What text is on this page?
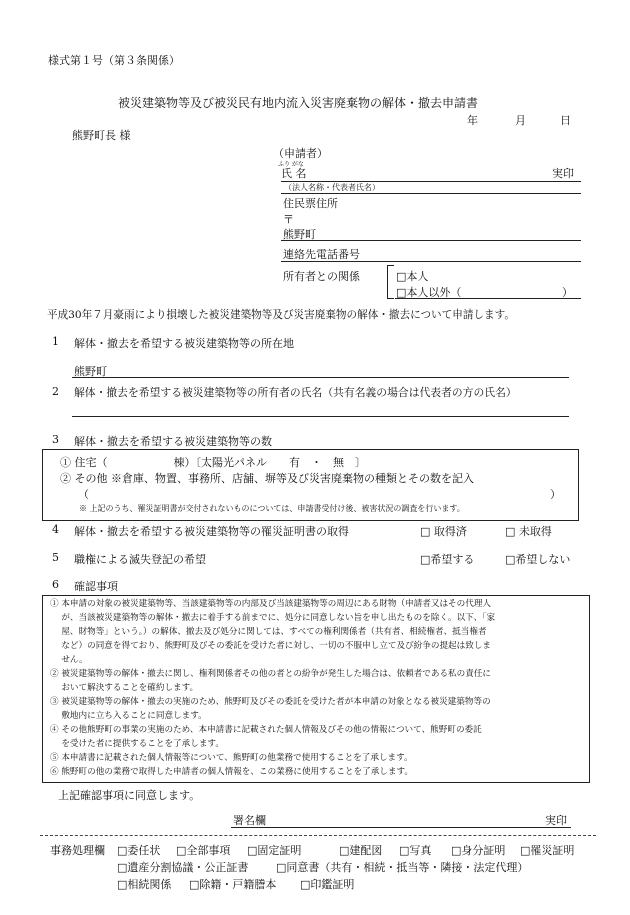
様式第１号（第３条関係）
被災建築物等及び被災民有地内流入災害廃棄物の解体・撤去申請書
年	月	日
熊野町長 様
（申請者）
ふり がな
氏 名	実印
（法人名称・代表者氏名）
住民票住所
〒
熊野町
連絡先電話番号
所有者との関係	□本人
□本人以外（	）
平成30年７月豪雨により損壊した被災建築物等及び災害廃棄物の解体・撤去について申請します。
1 解体・撤去を希望する被災建築物等の所在地
熊野町
2 解体・撤去を希望する被災建築物等の所有者の氏名（共有名義の場合は代表者の方の氏名）
3 解体・撤去を希望する被災建築物等の数
① 住宅（　　　　　　棟）〔太陽光パネル　　有　・　無　〕
② その他 ※倉庫、物置、事務所、店舗、塀等及び災害廃棄物の種類とその数を記入
（	）
※ 上記のうち、罹災証明書が交付されないものについては、申請書受付け後、被害状況の調査を行います。
4 解体・撤去を希望する被災建築物等の罹災証明書の取得	□ 取得済	□ 未取得
5 職権による滅失登記の希望	□希望する	□希望しない
6 確認事項
① 本申請の対象の被災建築物等、当該建築物等の内部及び当該建築物等の周辺にある財物（申請者又はその代理人
　 が、当該被災建築物等の解体・撤去に着手する前までに、処分に同意しない旨を申し出たものを除く。以下、「家
　 屋、財物等」という。）の解体、撤去及び処分に関しては、すべての権利関係者（共有者、相続権者、抵当権者
　 など）の同意を得ており、熊野町及びその委託を受けた者に対し、一切の不服申し立て及び紛争の提起は致しま
　 せん。
② 被災建築物等の解体・撤去に関し、権利関係者その他の者との紛争が発生した場合は、依頼者である私の責任に
　 おいて解決することを確約します。
③ 被災建築物等の解体・撤去の実施のため、熊野町及びその委託を受けた者が本申請の対象となる被災建築物等の
　 敷地内に立ち入ることに同意します。
④ その他熊野町の事業の実施のため、本申請書に記載された個人情報及びその他の情報について、熊野町の委託
　 を受けた者に提供することを了承します。
⑤ 本申請書に記載された個人情報等について、熊野町の他業務で使用することを了承します。
⑥ 熊野町の他の業務で取得した申請者の個人情報を、この業務に使用することを了承します。
上記確認事項に同意します。
署名欄	実印
事務処理欄 □委任状 □全部事項 □固定証明	□建配図 □写真 □身分証明 □罹災証明
□遺産分割協議・公正証書	□同意書（共有・相続・抵当等・隣接・法定代理）
□相続関係 □除籍・戸籍謄本 □印鑑証明
